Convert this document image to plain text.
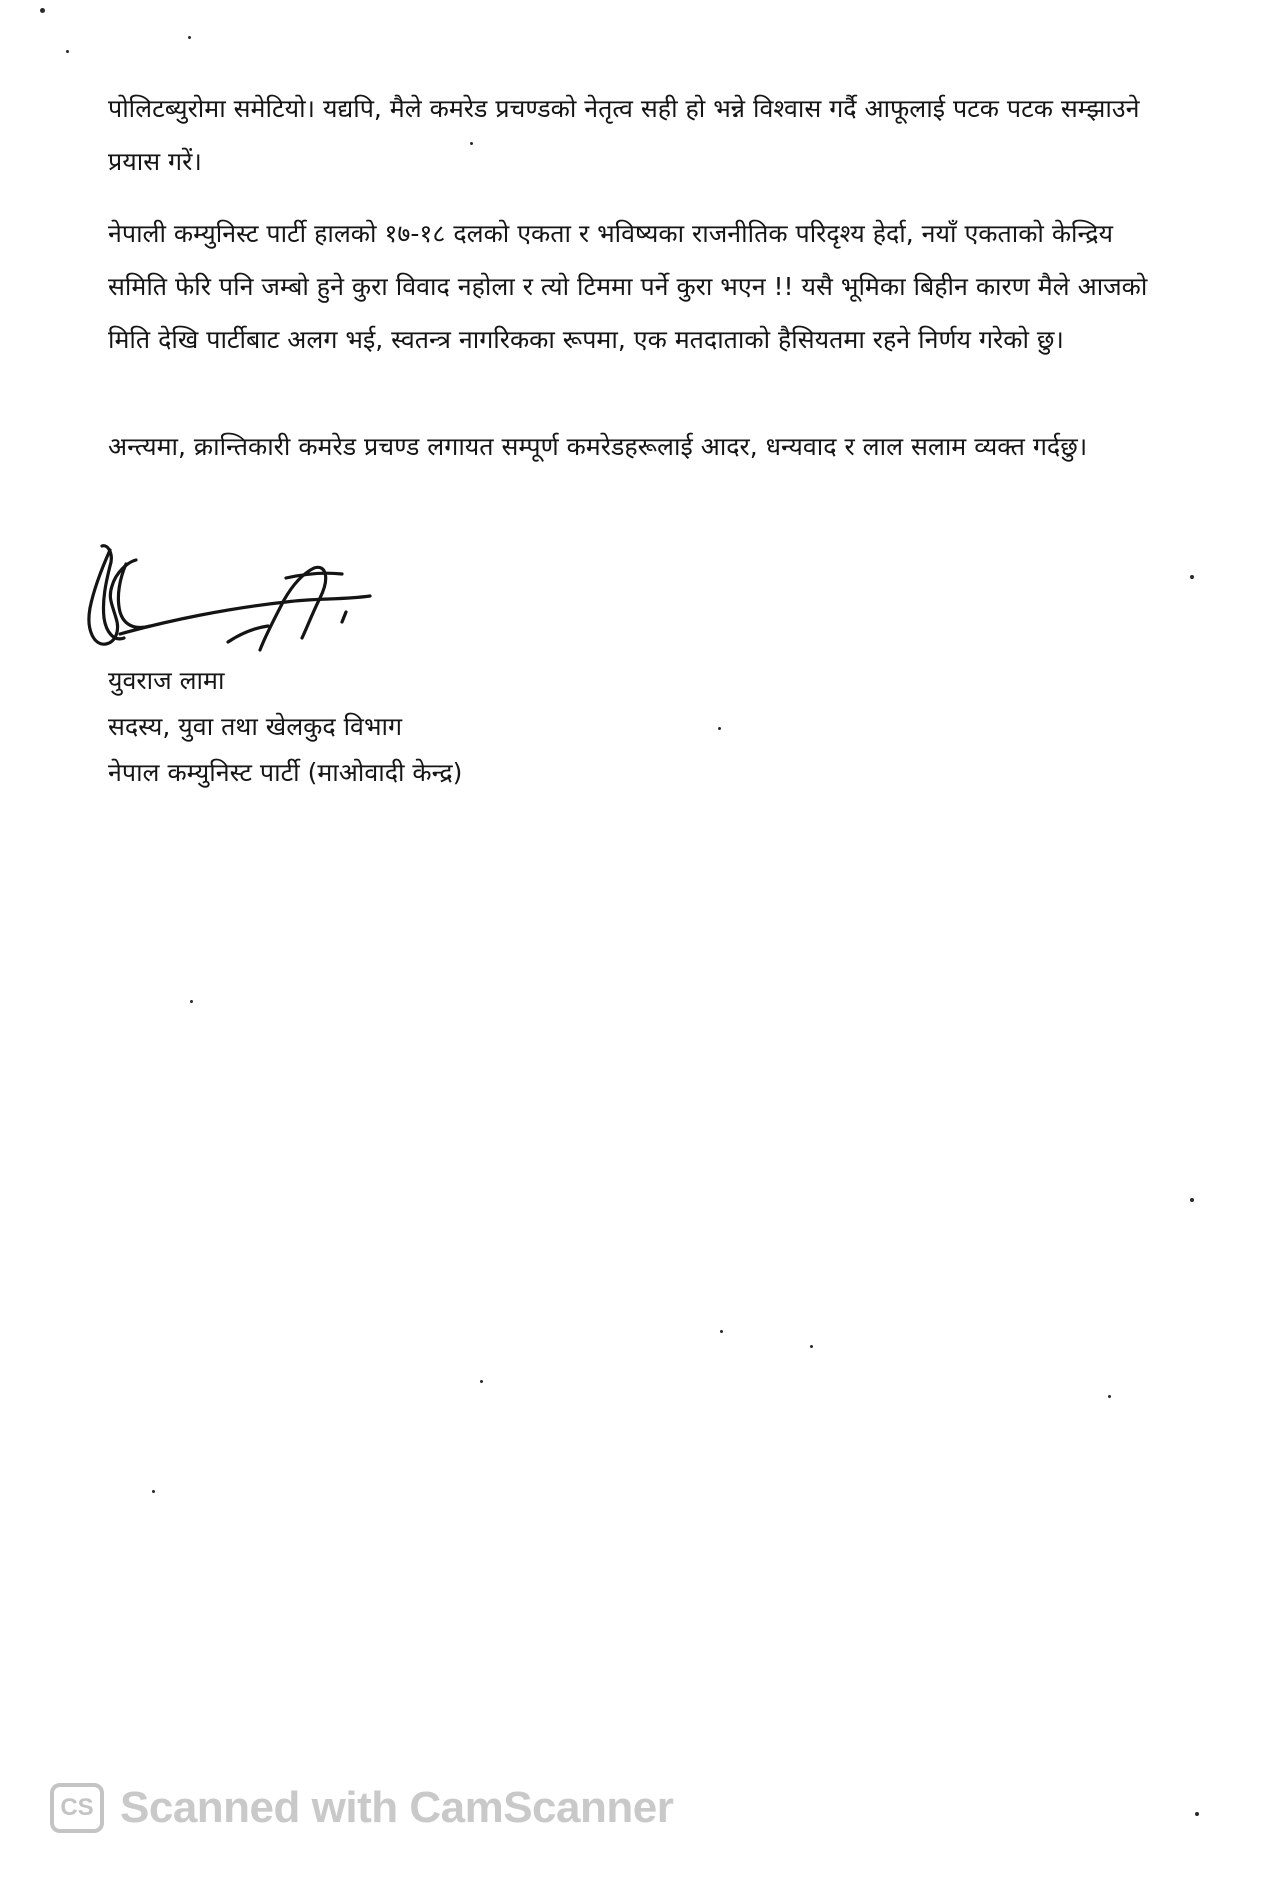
पोलिटब्युरोमा समेटियो। यद्यपि, मैले कमरेड प्रचण्डको नेतृत्व सही हो भन्ने विश्वास गर्दै आफूलाई पटक पटक सम्झाउने प्रयास गरें।
नेपाली कम्युनिस्ट पार्टी हालको १७-१८ दलको एकता र भविष्यका राजनीतिक परिदृश्य हेर्दा, नयाँ एकताको केन्द्रिय समिति फेरि पनि जम्बो हुने कुरा विवाद नहोला र त्यो टिममा पर्ने कुरा भएन !! यसै भूमिका बिहीन कारण मैले आजको मिति देखि पार्टीबाट अलग भई, स्वतन्त्र नागरिकका रूपमा, एक मतदाताको हैसियतमा रहने निर्णय गरेको छु।
अन्त्यमा, क्रान्तिकारी कमरेड प्रचण्ड लगायत सम्पूर्ण कमरेडहरूलाई आदर, धन्यवाद र लाल सलाम व्यक्त गर्दछु।
युवराज लामा
सदस्य, युवा तथा खेलकुद विभाग
नेपाल कम्युनिस्ट पार्टी (माओवादी केन्द्र)
CS Scanned with CamScanner
